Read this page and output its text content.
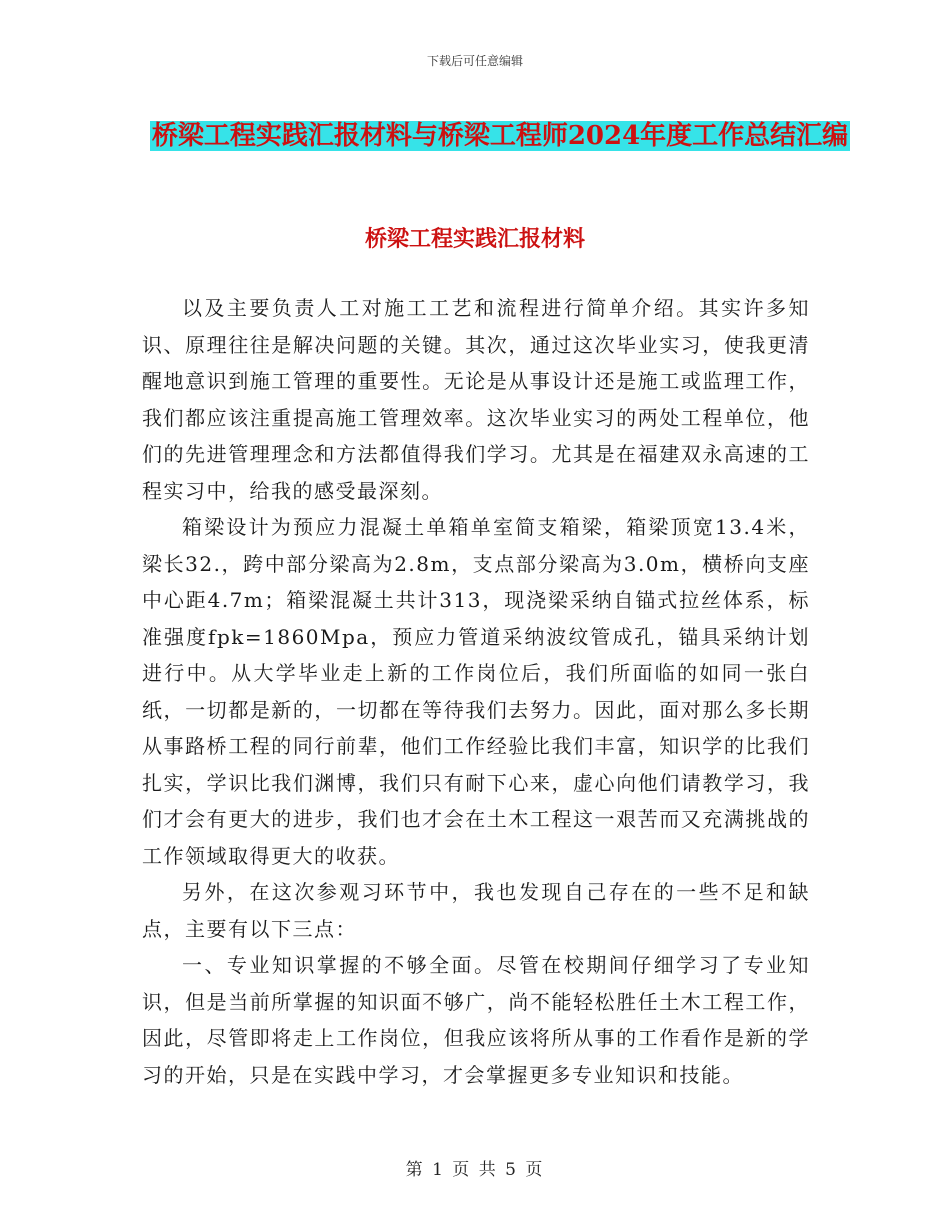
下载后可任意编辑
桥梁工程实践汇报材料与桥梁工程师2024年度工作总结汇编
桥梁工程实践汇报材料

以及主要负责人工对施工工艺和流程进行简单介绍。其实许多知识、原理往往是解决问题的关键。其次，通过这次毕业实习，使我更清醒地意识到施工管理的重要性。无论是从事设计还是施工或监理工作，我们都应该注重提高施工管理效率。这次毕业实习的两处工程单位，他们的先进管理理念和方法都值得我们学习。尤其是在福建双永高速的工程实习中，给我的感受最深刻。

箱梁设计为预应力混凝土单箱单室简支箱梁，箱梁顶宽13.4米，梁长32.，跨中部分梁高为2.8m，支点部分梁高为3.0m，横桥向支座中心距4.7m；箱梁混凝土共计313，现浇梁采纳自锚式拉丝体系，标准强度fpk=1860Mpa，预应力管道采纳波纹管成孔，锚具采纳计划进行中。从大学毕业走上新的工作岗位后，我们所面临的如同一张白纸，一切都是新的，一切都在等待我们去努力。因此，面对那么多长期从事路桥工程的同行前辈，他们工作经验比我们丰富，知识学的比我们扎实，学识比我们渊博，我们只有耐下心来，虚心向他们请教学习，我们才会有更大的进步，我们也才会在土木工程这一艰苦而又充满挑战的工作领域取得更大的收获。

另外，在这次参观习环节中，我也发现自己存在的一些不足和缺点，主要有以下三点：

一、专业知识掌握的不够全面。尽管在校期间仔细学习了专业知识，但是当前所掌握的知识面不够广，尚不能轻松胜任土木工程工作，因此，尽管即将走上工作岗位，但我应该将所从事的工作看作是新的学习的开始，只是在实践中学习，才会掌握更多专业知识和技能。

第 1 页 共 5 页
